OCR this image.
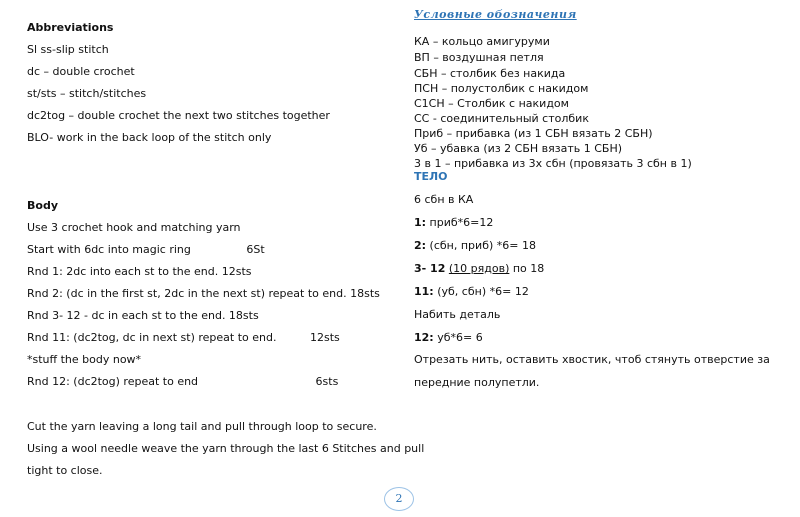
Abbreviations
Sl ss-slip stitch
dc – double crochet
st/sts – stitch/stitches
dc2tog – double crochet the next two stitches together
BLO- work in the back loop of the stitch only
Body
Use 3 crochet hook and matching yarn
Start with 6dc into magic ring	6St
Rnd 1: 2dc into each st to the end. 12sts
Rnd 2: (dc in the first st, 2dc in the next st) repeat to end. 18sts
Rnd 3- 12 - dc in each st to the end. 18sts
Rnd 11: (dc2tog, dc in next st) repeat to end.	12sts
*stuff the body now*
Rnd 12: (dc2tog) repeat to end	6sts
Cut the yarn leaving a long tail and pull through loop to secure.
Using a wool needle weave the yarn through the last 6 Stitches and pull
tight to close.
Условные обозначения
КА – кольцо амигуруми
ВП – воздушная петля
СБН – столбик без накида
ПСН – полустолбик с накидом
С1СН – Столбик с накидом
СС - соединительный столбик
Приб – прибавка (из 1 СБН вязать 2 СБН)
Уб – убавка (из 2 СБН вязать 1 СБН)
3 в 1 – прибавка из 3х сбн (провязать 3 сбн в 1)
ТЕЛО
6 сбн в КА
1: приб*6=12
2: (сбн, приб) *6= 18
3- 12 (10 рядов) по 18
11: (уб, сбн) *6= 12
Набить деталь
12: уб*6= 6
Отрезать нить, оставить хвостик, чтоб стянуть отверстие за
передние полупетли.
2
